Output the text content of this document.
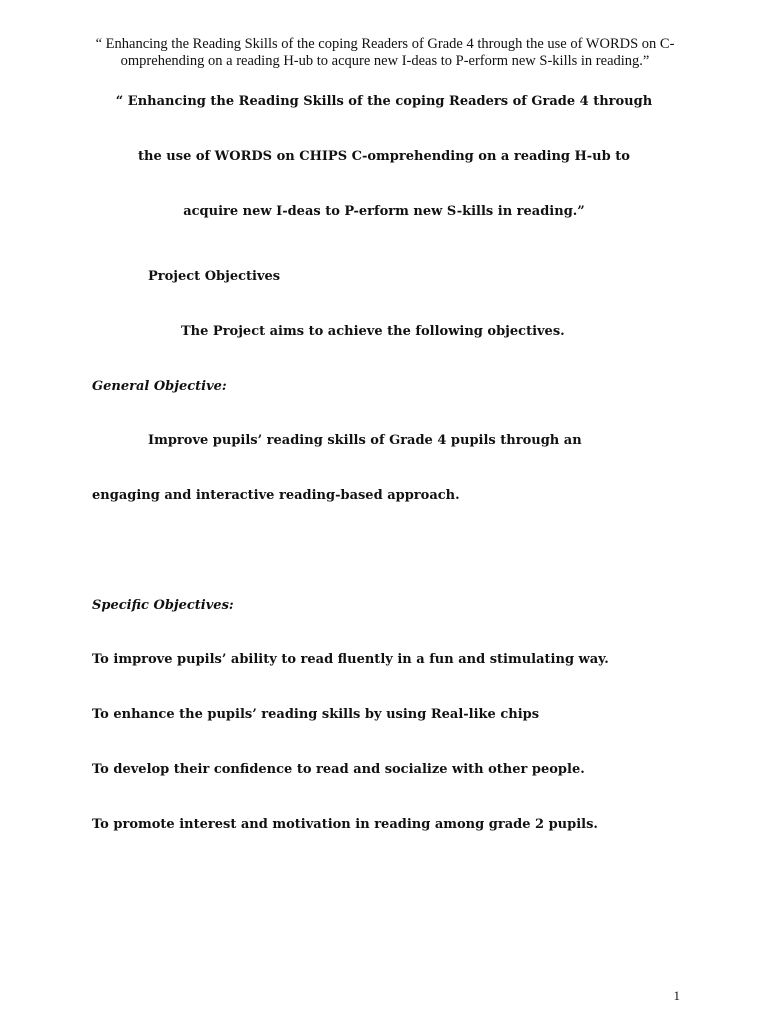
“ Enhancing the Reading Skills of the coping Readers of Grade 4 through the use of WORDS on C-omprehending on a reading H-ub to acqure new I-deas to P-erform new S-kills in reading.”
“ Enhancing the Reading Skills of the coping Readers of Grade 4 through
the use of WORDS on CHIPS C-omprehending on a reading H-ub to
acquire new I-deas to P-erform new S-kills in reading.”
Project Objectives
The Project aims to achieve the following objectives.
General Objective:
Improve pupils’ reading skills of Grade 4 pupils through an
engaging and interactive reading-based approach.
Specific Objectives:
To improve pupils’ ability to read fluently in a fun and stimulating way.
To enhance the pupils’ reading skills by using Real-like chips
To develop their confidence to read and socialize with other people.
To promote interest and motivation in reading among grade 2 pupils.
1
